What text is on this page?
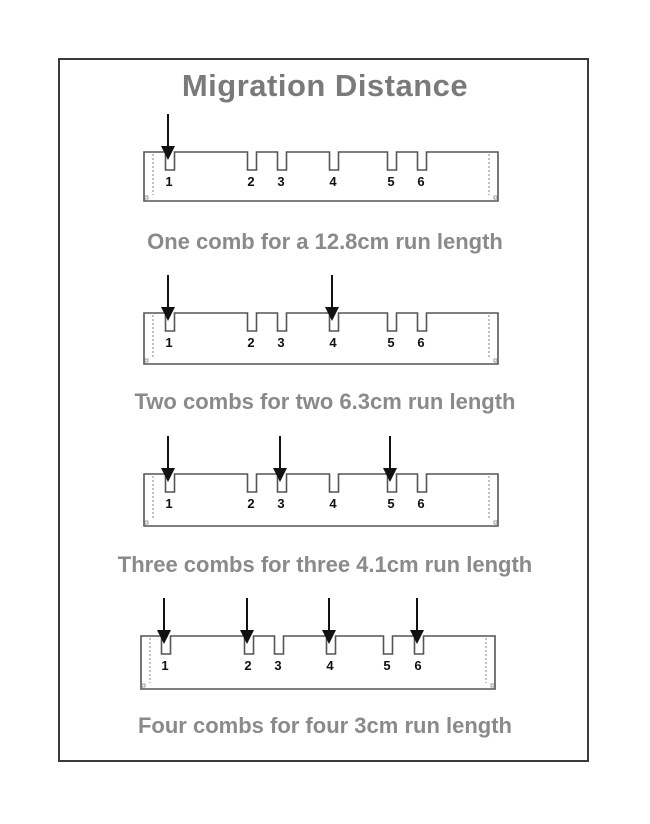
Migration Distance
One comb for a 12.8cm run length
Two combs for two 6.3cm run length
Three combs for three 4.1cm run length
Four combs for four 3cm run length
1	2 3	4	5 6
1	2 3	4	5 6
1	2 3	4	5 6
1	2 3	4	5 6
